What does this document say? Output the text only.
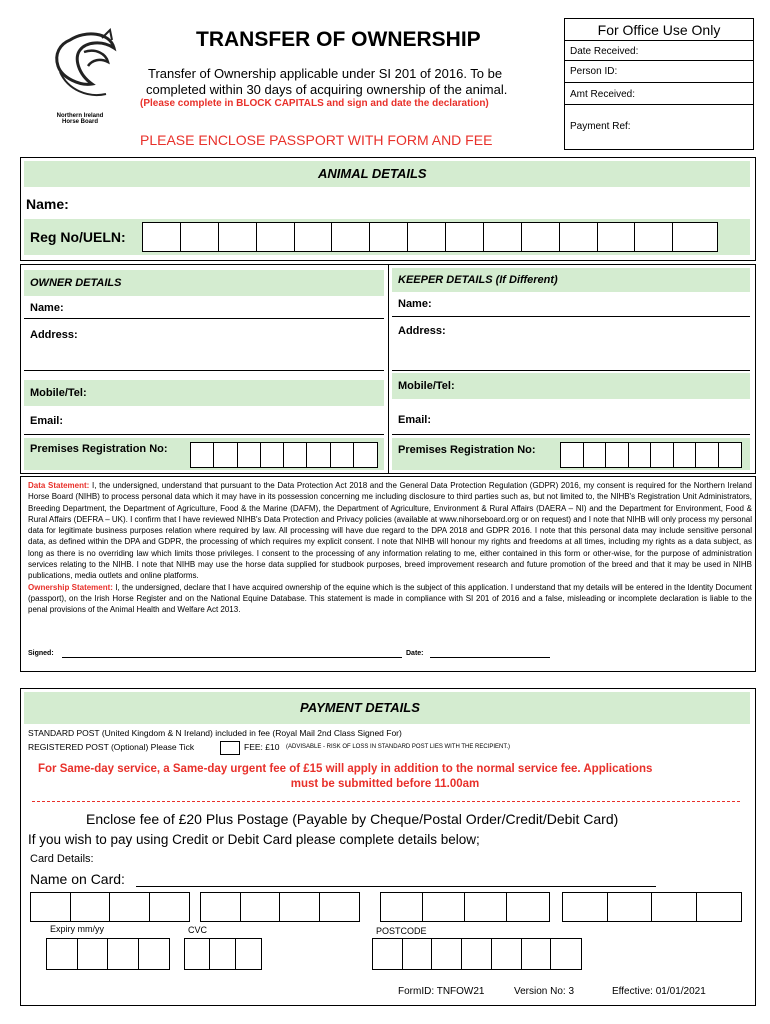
Northern Ireland
Horse Board
TRANSFER OF OWNERSHIP
Transfer of Ownership applicable under SI 201 of 2016. To be
completed within 30 days of acquiring ownership of the animal.
(Please complete in BLOCK CAPITALS and sign and date the declaration)
PLEASE ENCLOSE PASSPORT WITH FORM AND FEE
For Office Use Only
Date Received:
Person ID:
Amt Received:
Payment Ref:
ANIMAL DETAILS
Name:
Reg No/UELN:
OWNER DETAILS
Name:
Address:
Mobile/Tel:
Email:
Premises Registration No:
KEEPER DETAILS (If Different)
Name:
Address:
Mobile/Tel:
Email:
Premises Registration No:
Data Statement: I, the undersigned, understand that pursuant to the Data Protection Act 2018 and the General Data Protection Regulation (GDPR) 2016, my consent is required for the Northern Ireland Horse Board (NIHB) to process personal data which it may have in its possession concerning me including disclosure to third parties such as, but not limited to, the NIHB's Registration Unit Administrators, Breeding Department, the Department of Agriculture, Food & the Marine (DAFM), the Department of Agriculture, Environment & Rural Affairs (DAERA – NI) and the Department for Environment, Food & Rural Affairs (DEFRA – UK). I confirm that I have reviewed NIHB's Data Protection and Privacy policies (available at www.nihorseboard.org or on request) and I note that NIHB will only process my personal data for legitimate business purposes relation where required by law. All processing will have due regard to the DPA 2018 and GDPR 2016. I note that this personal data may include sensitive personal data, as defined within the DPA and GDPR, the processing of which requires my explicit consent. I note that NIHB will honour my rights and freedoms at all times, including my rights as a data subject, as long as there is no overriding law which limits those privileges. I consent to the processing of any information relating to me, either contained in this form or other-wise, for the purpose of administration services relating to the NIHB. I note that NIHB may use the horse data supplied for studbook purposes, breed improvement research and future promotion of the breed and that it may be used in NIHB publications, media outlets and online platforms.
Ownership Statement: I, the undersigned, declare that I have acquired ownership of the equine which is the subject of this application. I understand that my details will be entered in the Identity Document (passport), on the Irish Horse Register and on the National Equine Database. This statement is made in compliance with SI 201 of 2016 and a false, misleading or incomplete declaration is liable to the penal provisions of the Animal Health and Welfare Act 2013.
Signed:	Date:
PAYMENT DETAILS
STANDARD POST (United Kingdom & N Ireland) included in fee (Royal Mail 2nd Class Signed For)
REGISTERED POST (Optional) Please Tick	FEE: £10 (ADVISABLE - RISK OF LOSS IN STANDARD POST LIES WITH THE RECIPIENT.)
For Same-day service, a Same-day urgent fee of £15 will apply in addition to the normal service fee. Applications
must be submitted before 11.00am
Enclose fee of £20 Plus Postage (Payable by Cheque/Postal Order/Credit/Debit Card)
If you wish to pay using Credit or Debit Card please complete details below;
Card Details:
Name on Card:
Expiry mm/yy	CVC	POSTCODE
FormID: TNFOW21	Version No: 3	Effective: 01/01/2021
